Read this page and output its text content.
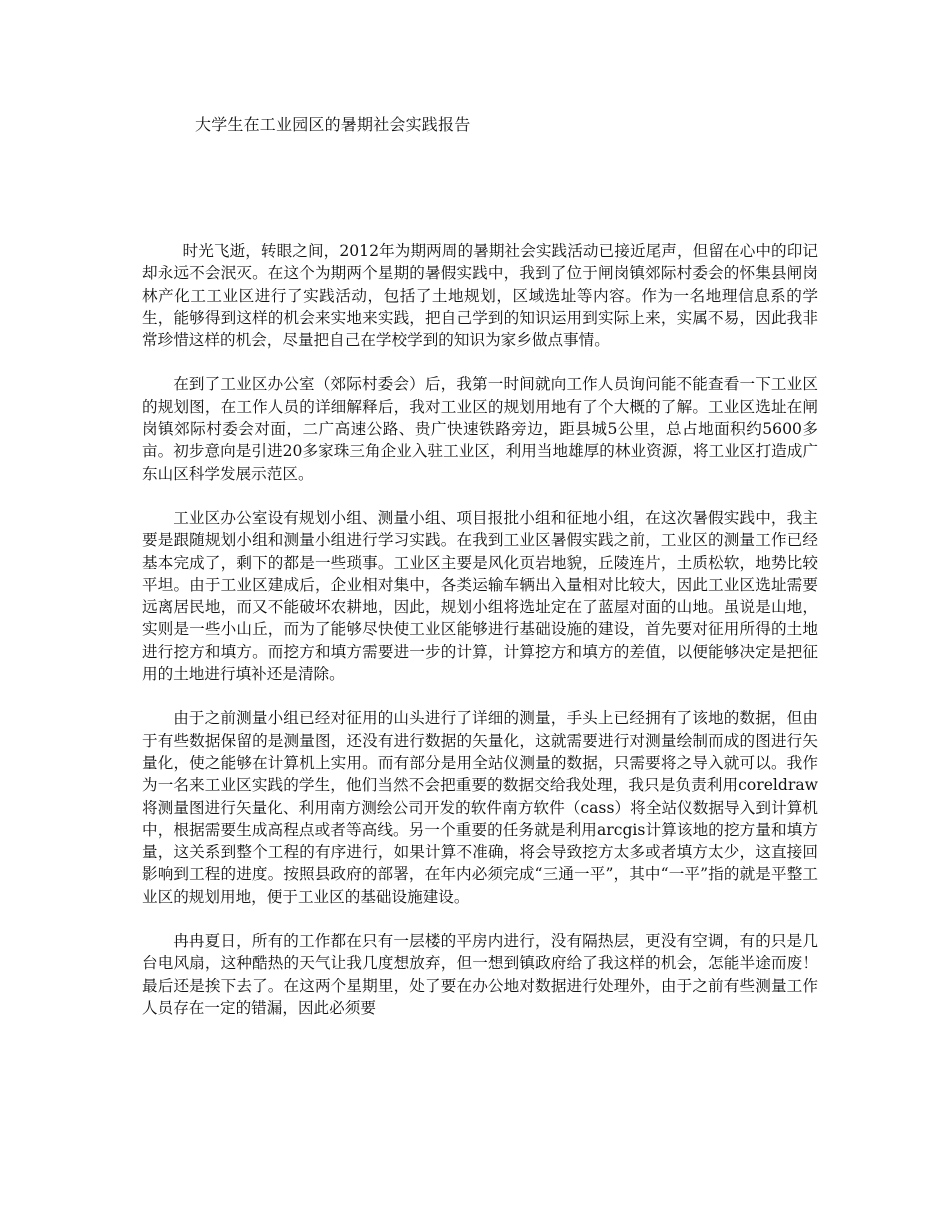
大学生在工业园区的暑期社会实践报告

时光飞逝，转眼之间，2012年为期两周的暑期社会实践活动已接近尾声，但留在心中的印记却永远不会泯灭。在这个为期两个星期的暑假实践中，我到了位于闸岗镇郊际村委会的怀集县闸岗林产化工工业区进行了实践活动，包括了土地规划，区域选址等内容。作为一名地理信息系的学生，能够得到这样的机会来实地来实践，把自己学到的知识运用到实际上来，实属不易，因此我非常珍惜这样的机会，尽量把自己在学校学到的知识为家乡做点事情。

在到了工业区办公室（郊际村委会）后，我第一时间就向工作人员询问能不能查看一下工业区的规划图，在工作人员的详细解释后，我对工业区的规划用地有了个大概的了解。工业区选址在闸岗镇郊际村委会对面，二广高速公路、贵广快速铁路旁边，距县城5公里，总占地面积约5600多亩。初步意向是引进20多家珠三角企业入驻工业区，利用当地雄厚的林业资源，将工业区打造成广东山区科学发展示范区。

工业区办公室设有规划小组、测量小组、项目报批小组和征地小组，在这次暑假实践中，我主要是跟随规划小组和测量小组进行学习实践。在我到工业区暑假实践之前，工业区的测量工作已经基本完成了，剩下的都是一些琐事。工业区主要是风化页岩地貌，丘陵连片，土质松软，地势比较平坦。由于工业区建成后，企业相对集中，各类运输车辆出入量相对比较大，因此工业区选址需要远离居民地，而又不能破坏农耕地，因此，规划小组将选址定在了蓝屋对面的山地。虽说是山地，实则是一些小山丘，而为了能够尽快使工业区能够进行基础设施的建设，首先要对征用所得的土地进行挖方和填方。而挖方和填方需要进一步的计算，计算挖方和填方的差值，以便能够决定是把征用的土地进行填补还是清除。

由于之前测量小组已经对征用的山头进行了详细的测量，手头上已经拥有了该地的数据，但由于有些数据保留的是测量图，还没有进行数据的矢量化，这就需要进行对测量绘制而成的图进行矢量化，使之能够在计算机上实用。而有部分是用全站仪测量的数据，只需要将之导入就可以。我作为一名来工业区实践的学生，他们当然不会把重要的数据交给我处理，我只是负责利用coreldraw将测量图进行矢量化、利用南方测绘公司开发的软件南方软件（cass）将全站仪数据导入到计算机中，根据需要生成高程点或者等高线。另一个重要的任务就是利用arcgis计算该地的挖方量和填方量，这关系到整个工程的有序进行，如果计算不准确，将会导致挖方太多或者填方太少，这直接回影响到工程的进度。按照县政府的部署，在年内必须完成“三通一平”，其中“一平”指的就是平整工业区的规划用地，便于工业区的基础设施建设。

冉冉夏日，所有的工作都在只有一层楼的平房内进行，没有隔热层，更没有空调，有的只是几台电风扇，这种酷热的天气让我几度想放弃，但一想到镇政府给了我这样的机会，怎能半途而废！最后还是挨下去了。在这两个星期里，处了要在办公地对数据进行处理外，由于之前有些测量工作人员存在一定的错漏，因此必须要
